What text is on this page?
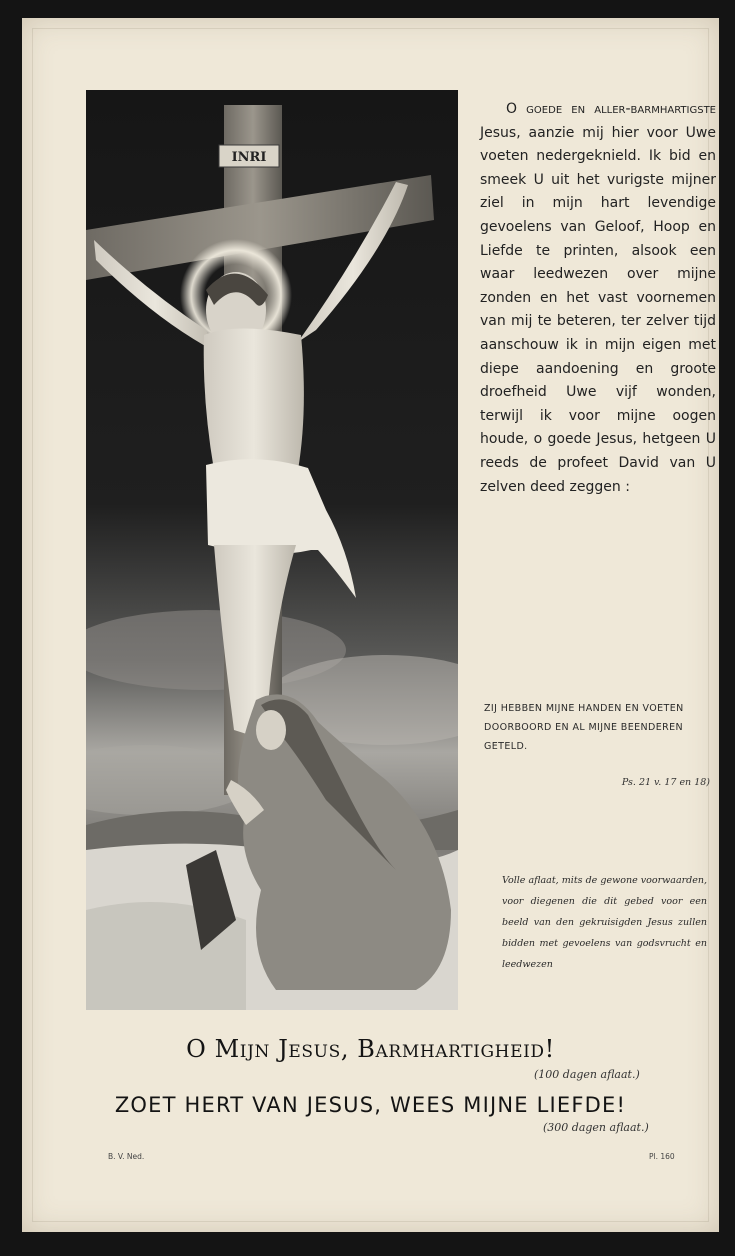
INRI

O goede en aller-barmhartigste Jesus, aanzie mij hier voor Uwe voeten nedergeknield. Ik bid en smeek U uit het vurigste mijner ziel in mijn hart levendige gevoelens van Geloof, Hoop en Liefde te printen, alsook een waar leedwezen over mijne zonden en het vast voornemen van mij te beteren, ter zelver tijd aanschouw ik in mijn eigen met diepe aandoening en groote droefheid Uwe vijf wonden, terwijl ik voor mijne oogen houde, o goede Jesus, hetgeen U reeds de profeet David van U zelven deed zeggen :

ZIJ HEBBEN MIJNE HANDEN EN VOETEN DOORBOORD EN AL MIJNE BEENDEREN GETELD.
Ps. 21 v. 17 en 18)
Volle aflaat, mits de gewone voorwaarden, voor diegenen die dit gebed voor een beeld van den gekruisigden Jesus zullen bidden met gevoelens van godsvrucht en leedwezen
O Mijn Jesus, Barmhartigheid!
(100 dagen aflaat.)
ZOET HERT VAN JESUS, WEES MIJNE LIEFDE!
(300 dagen aflaat.)
B. V. Ned.	Pl. 160
